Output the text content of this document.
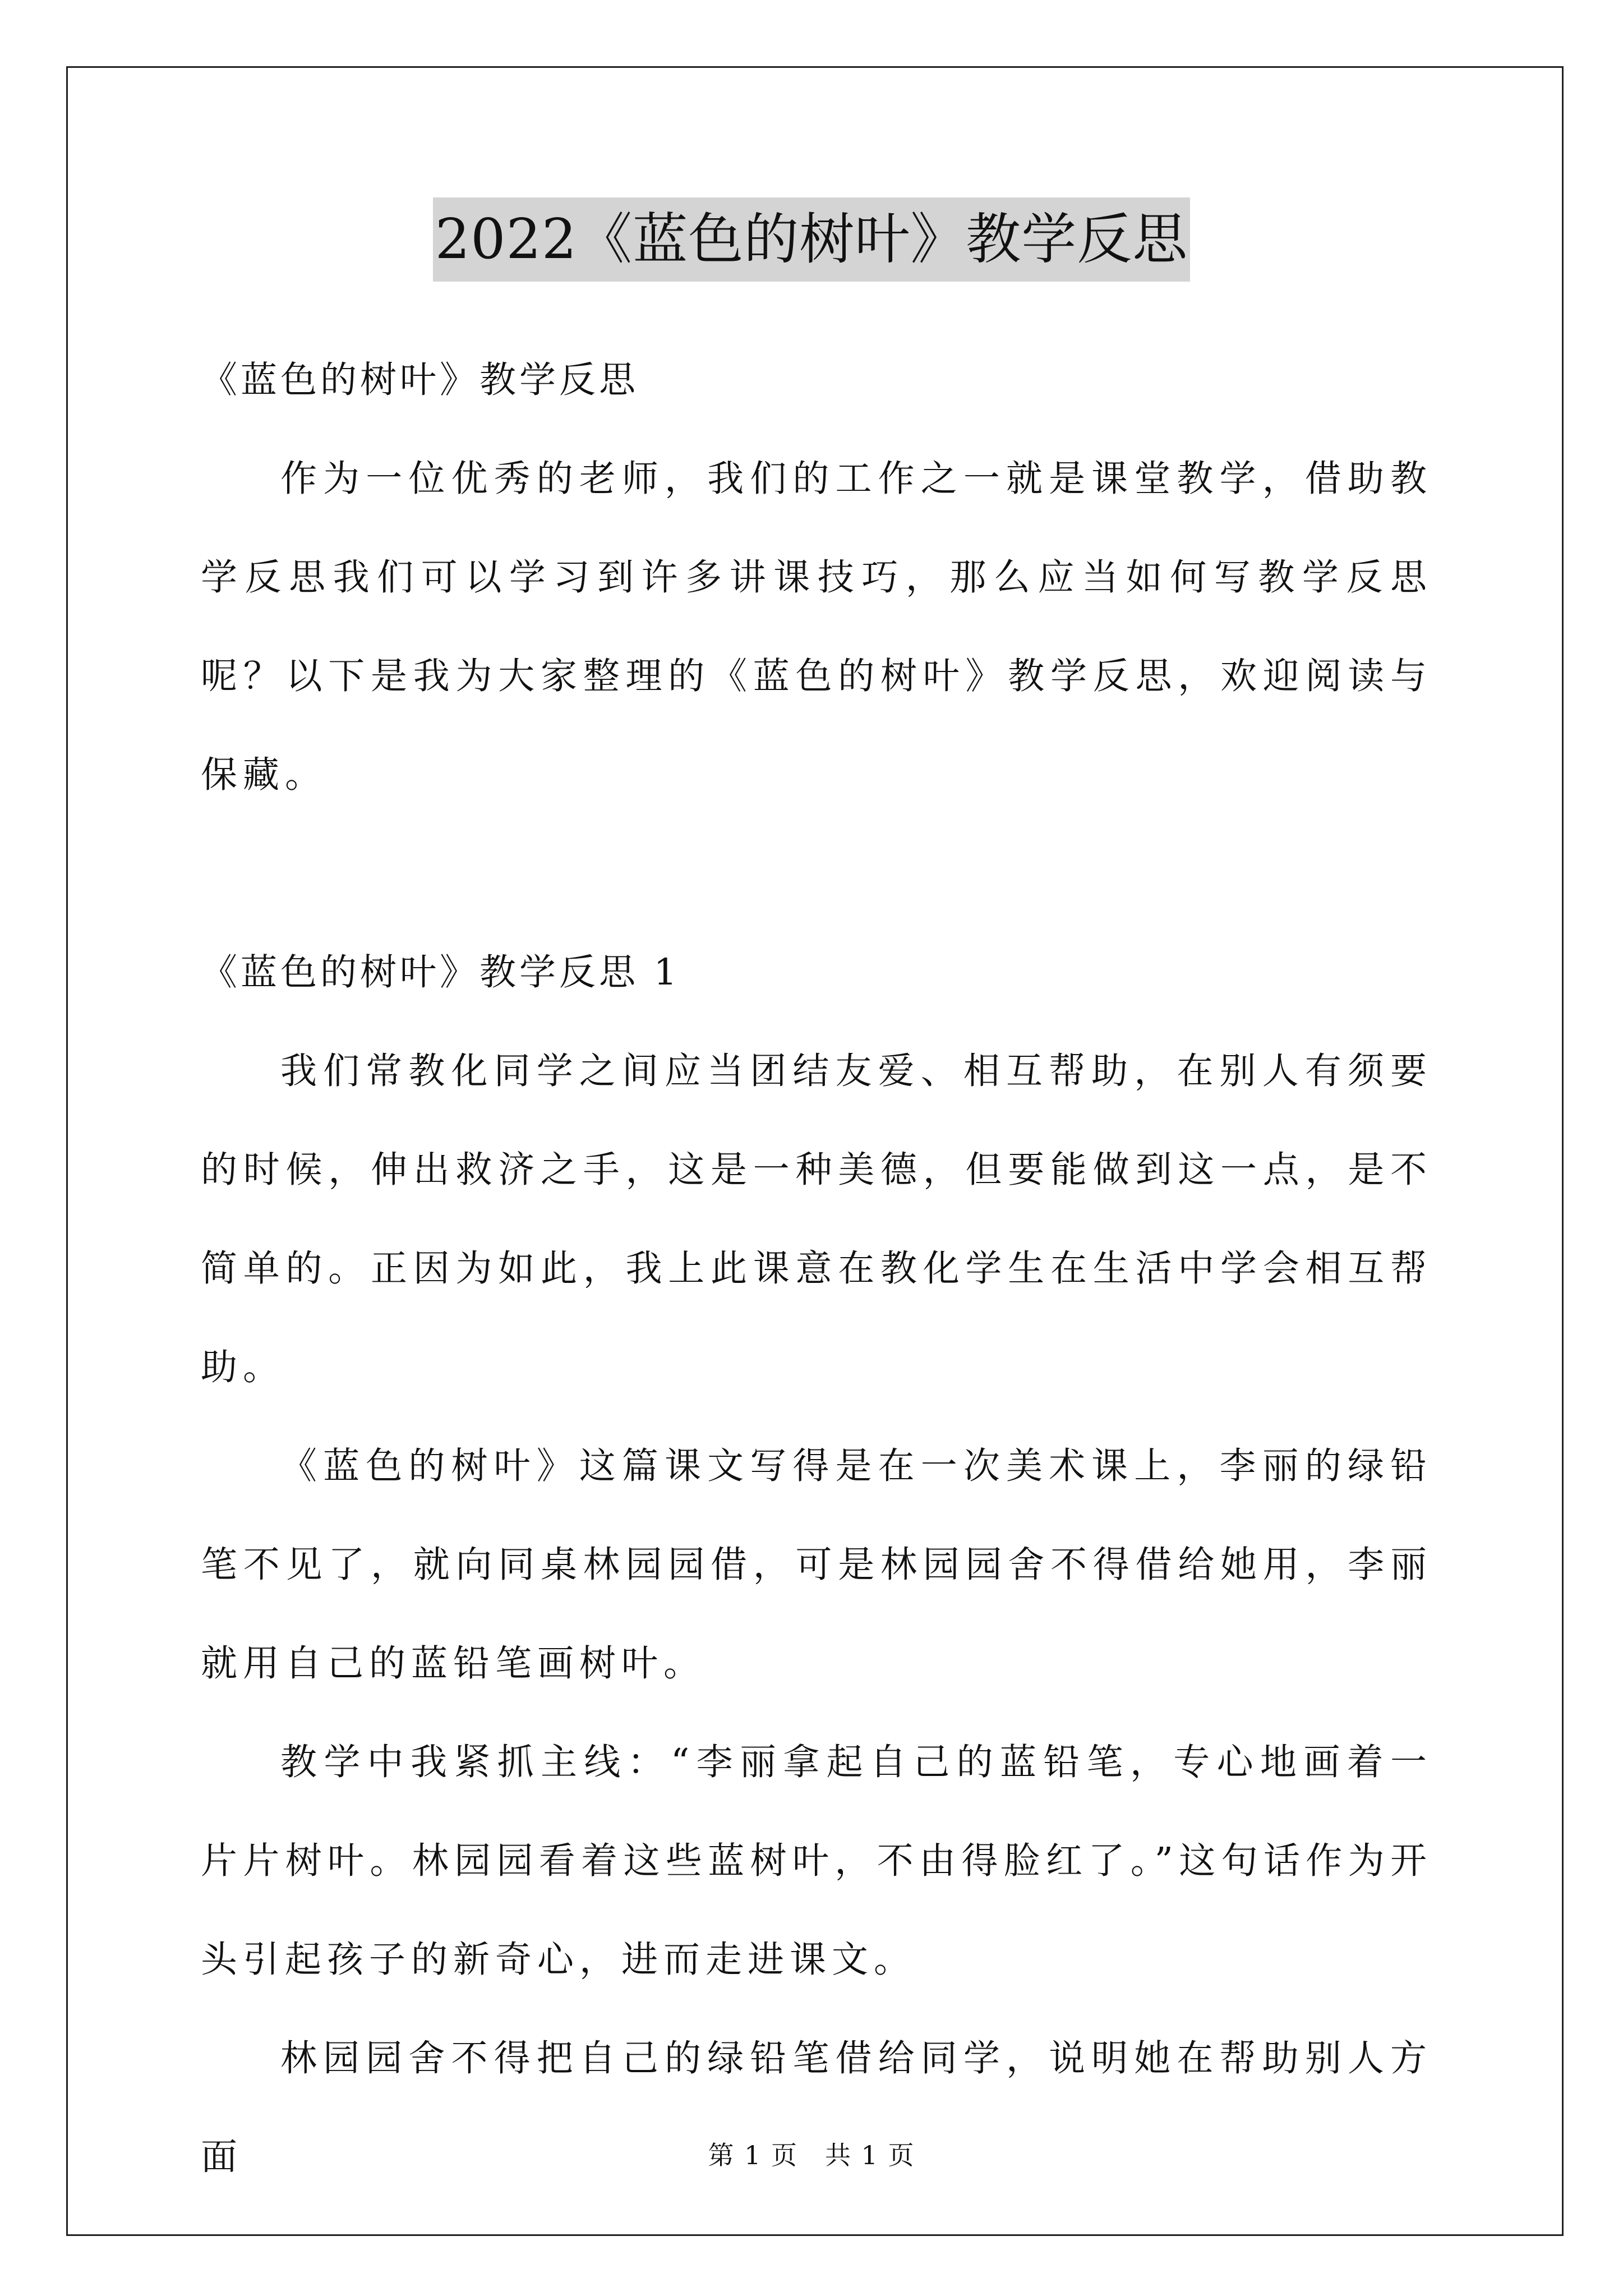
2022《蓝色的树叶》教学反思

《蓝色的树叶》教学反思

作为一位优秀的老师，我们的工作之一就是课堂教学，借助教学反思我们可以学习到许多讲课技巧，那么应当如何写教学反思呢？以下是我为大家整理的《蓝色的树叶》教学反思，欢迎阅读与保藏。

《蓝色的树叶》教学反思 1

我们常教化同学之间应当团结友爱、相互帮助，在别人有须要的时候，伸出救济之手，这是一种美德，但要能做到这一点，是不简单的。正因为如此，我上此课意在教化学生在生活中学会相互帮助。

《蓝色的树叶》这篇课文写得是在一次美术课上，李丽的绿铅笔不见了，就向同桌林园园借，可是林园园舍不得借给她用，李丽就用自己的蓝铅笔画树叶。

教学中我紧抓主线：“李丽拿起自己的蓝铅笔，专心地画着一片片树叶。林园园看着这些蓝树叶，不由得脸红了。”这句话作为开头引起孩子的新奇心，进而走进课文。

林园园舍不得把自己的绿铅笔借给同学，说明她在帮助别人方面	第 1 页　共 1 页
